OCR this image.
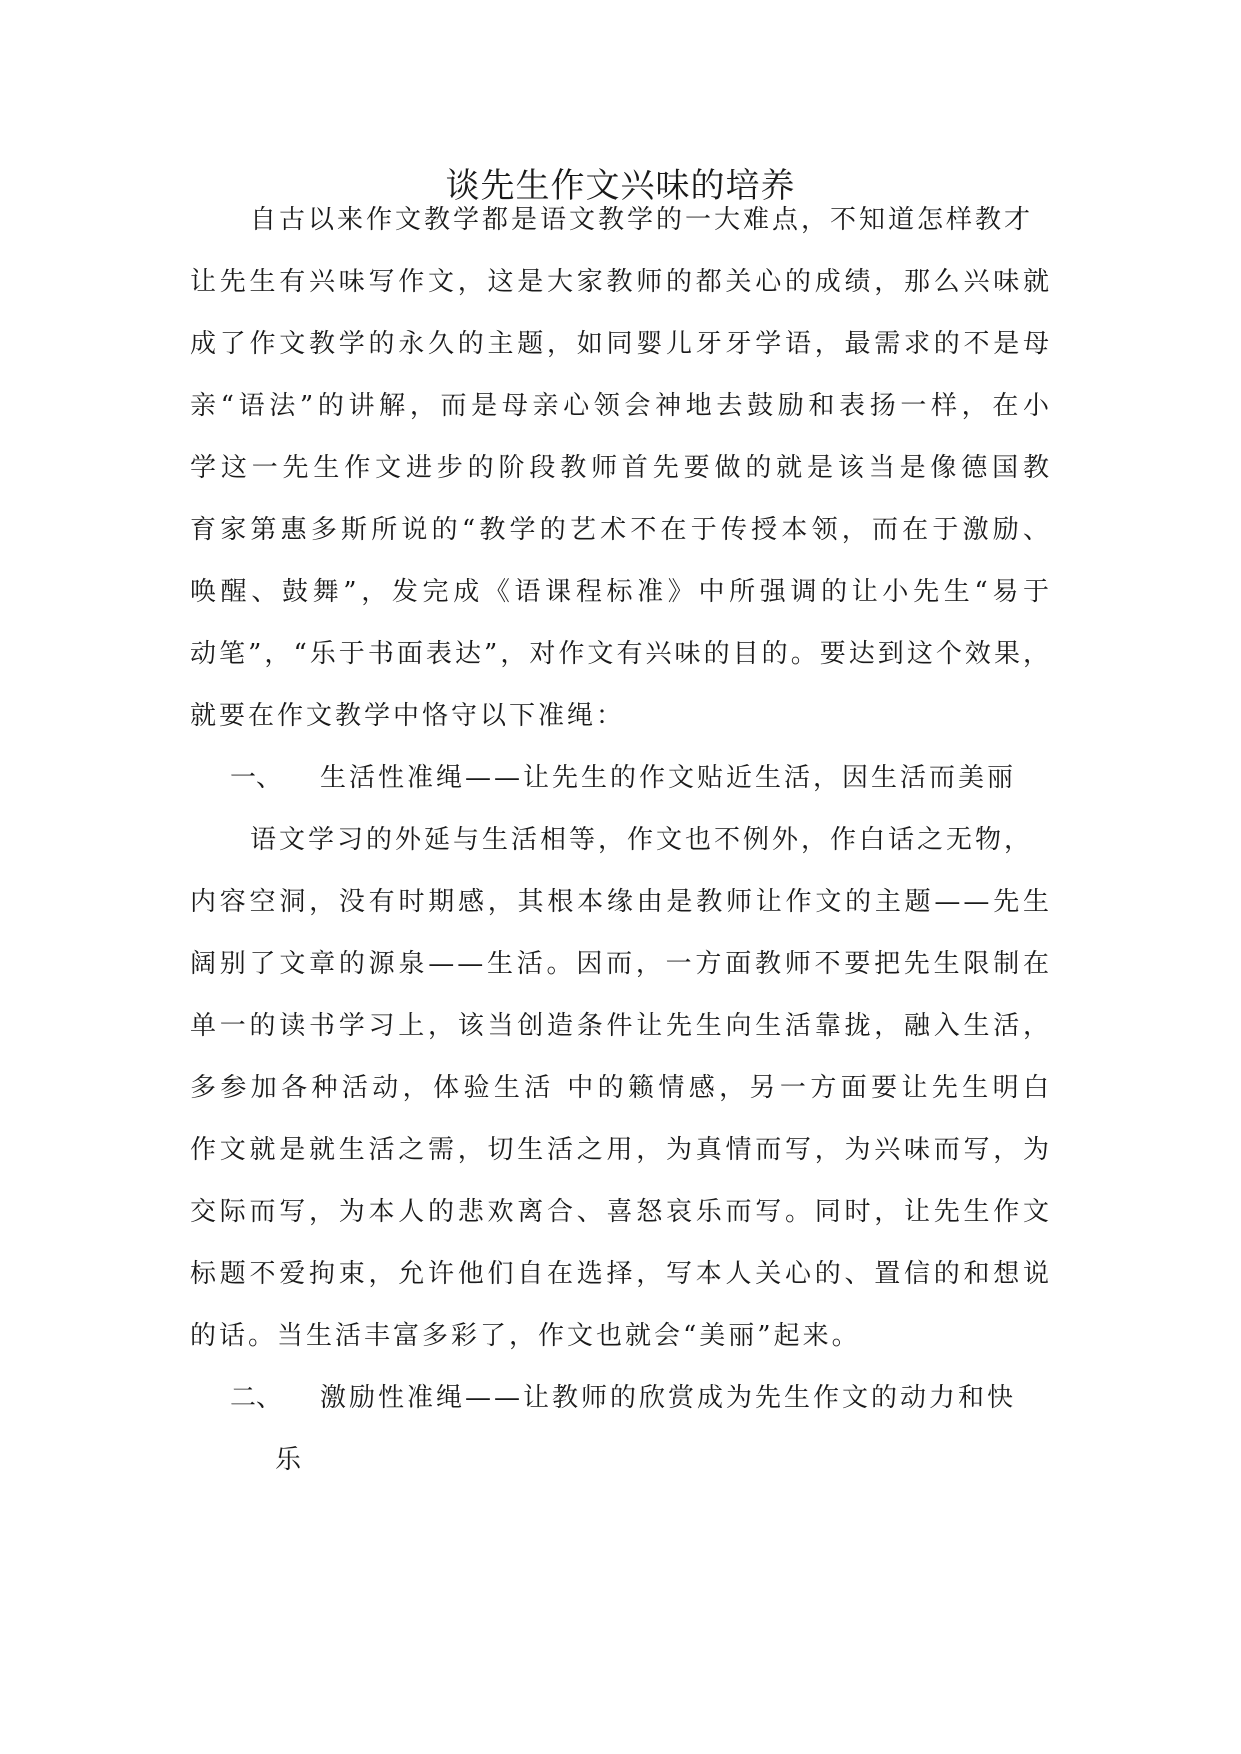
谈先生作文兴味的培养
自古以来作文教学都是语文教学的一大难点，不知道怎样教才
让先生有兴味写作文，这是大家教师的都关心的成绩，那么兴味就
成了作文教学的永久的主题，如同婴儿牙牙学语，最需求的不是母
亲“语法”的讲解，而是母亲心领会神地去鼓励和表扬一样，在小
学这一先生作文进步的阶段教师首先要做的就是该当是像德国教
育家第惠多斯所说的“教学的艺术不在于传授本领，而在于激励、
唤醒、鼓舞”，发完成《语课程标准》中所强调的让小先生“易于
动笔”，“乐于书面表达”，对作文有兴味的目的。要达到这个效果，
就要在作文教学中恪守以下准绳：
一、 生活性准绳——让先生的作文贴近生活，因生活而美丽
语文学习的外延与生活相等，作文也不例外，作白话之无物，
内容空洞，没有时期感，其根本缘由是教师让作文的主题——先生
阔别了文章的源泉——生活。因而，一方面教师不要把先生限制在
单一的读书学习上，该当创造条件让先生向生活靠拢，融入生活，
多参加各种活动，体验生活 中的籁情感，另一方面要让先生明白
作文就是就生活之需，切生活之用，为真情而写，为兴味而写，为
交际而写，为本人的悲欢离合、喜怒哀乐而写。同时，让先生作文
标题不爱拘束，允许他们自在选择，写本人关心的、置信的和想说
的话。当生活丰富多彩了，作文也就会“美丽”起来。
二、 激励性准绳——让教师的欣赏成为先生作文的动力和快
乐
